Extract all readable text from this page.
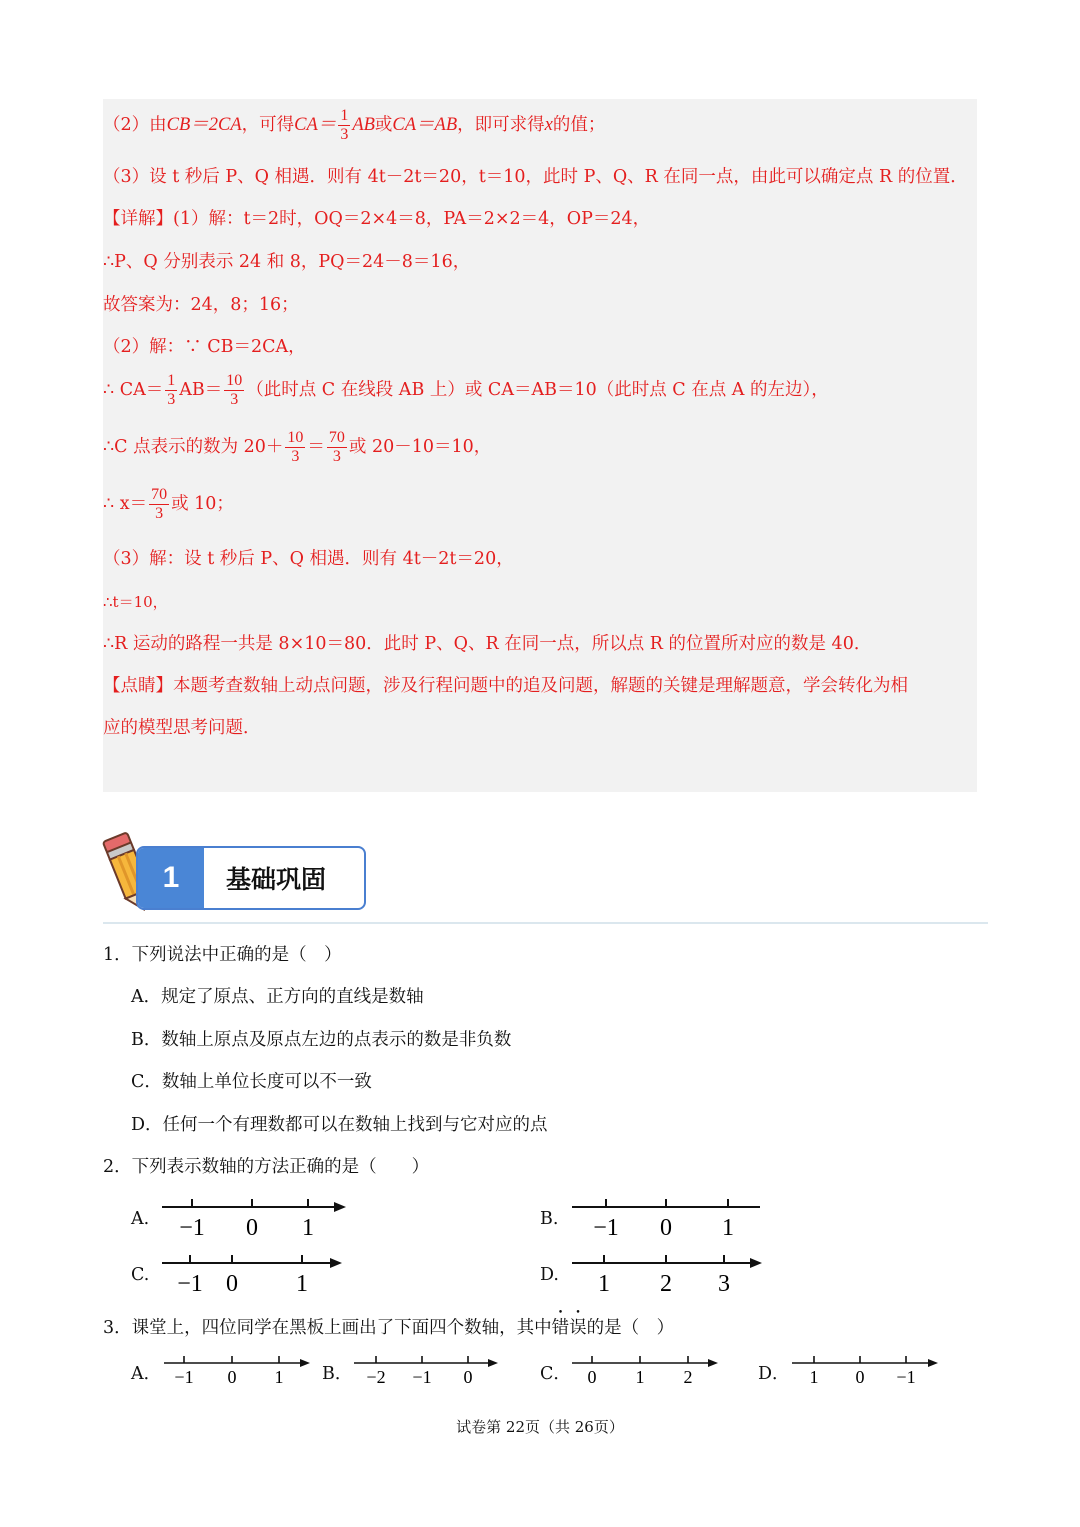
（2）由CB＝2CA，可得$CA= \frac{1}{3}$ AB或CA＝AB，即可求得x的值；
（3）设 t 秒后 P、Q 相遇．则有 4t－2t＝20，t＝10，此时 P、Q、R 在同一点，由此可以确定点 R 的位置．
【详解】(1）解：t＝2时，OQ＝2×4＝8，PA＝2×2＝4，OP＝24，
∴P、Q 分别表示 24 和 8，PQ＝24－8＝16，
故答案为：24，8；16；
（2）解：∵ CB＝2CA，
∴ $CA= \frac{1}{3} AB= \frac{10}{3}$ （此时点 C 在线段 AB 上）或 CA＝AB＝10（此时点 C 在点 A 的左边），
∴C 点表示的数为 $20+ \frac{10}{3} = \frac{70}{3}$ 或 20－10＝10，
∴ $x= \frac{70}{3}$ 或 10；
（3）解：设 t 秒后 P、Q 相遇．则有 4t－2t＝20，
∴t＝10，
∴R 运动的路程一共是 8×10＝80．此时 P、Q、R 在同一点，所以点 R 的位置所对应的数是 40．
【点睛】本题考查数轴上动点问题，涉及行程问题中的追及问题，解题的关键是理解题意，学会转化为相
应的模型思考问题．
1	基础巩固
1．下列说法中正确的是（　）
A．规定了原点、正方向的直线是数轴
B．数轴上原点及原点左边的点表示的数是非负数
C．数轴上单位长度可以不一致
D．任何一个有理数都可以在数轴上找到与它对应的点
2．下列表示数轴的方法正确的是（　　）
A. −1 0 1	B. −1 0 1
C. −1 0 1	D. 1 2 3
3．课堂上，四位同学在黑板上画出了下面四个数轴，其中错误的是（　）
A． −1 0 1 B． −2 −1 0	C． 0 1 2	D． 1 0 −1
试卷第 22页（共 26页）
